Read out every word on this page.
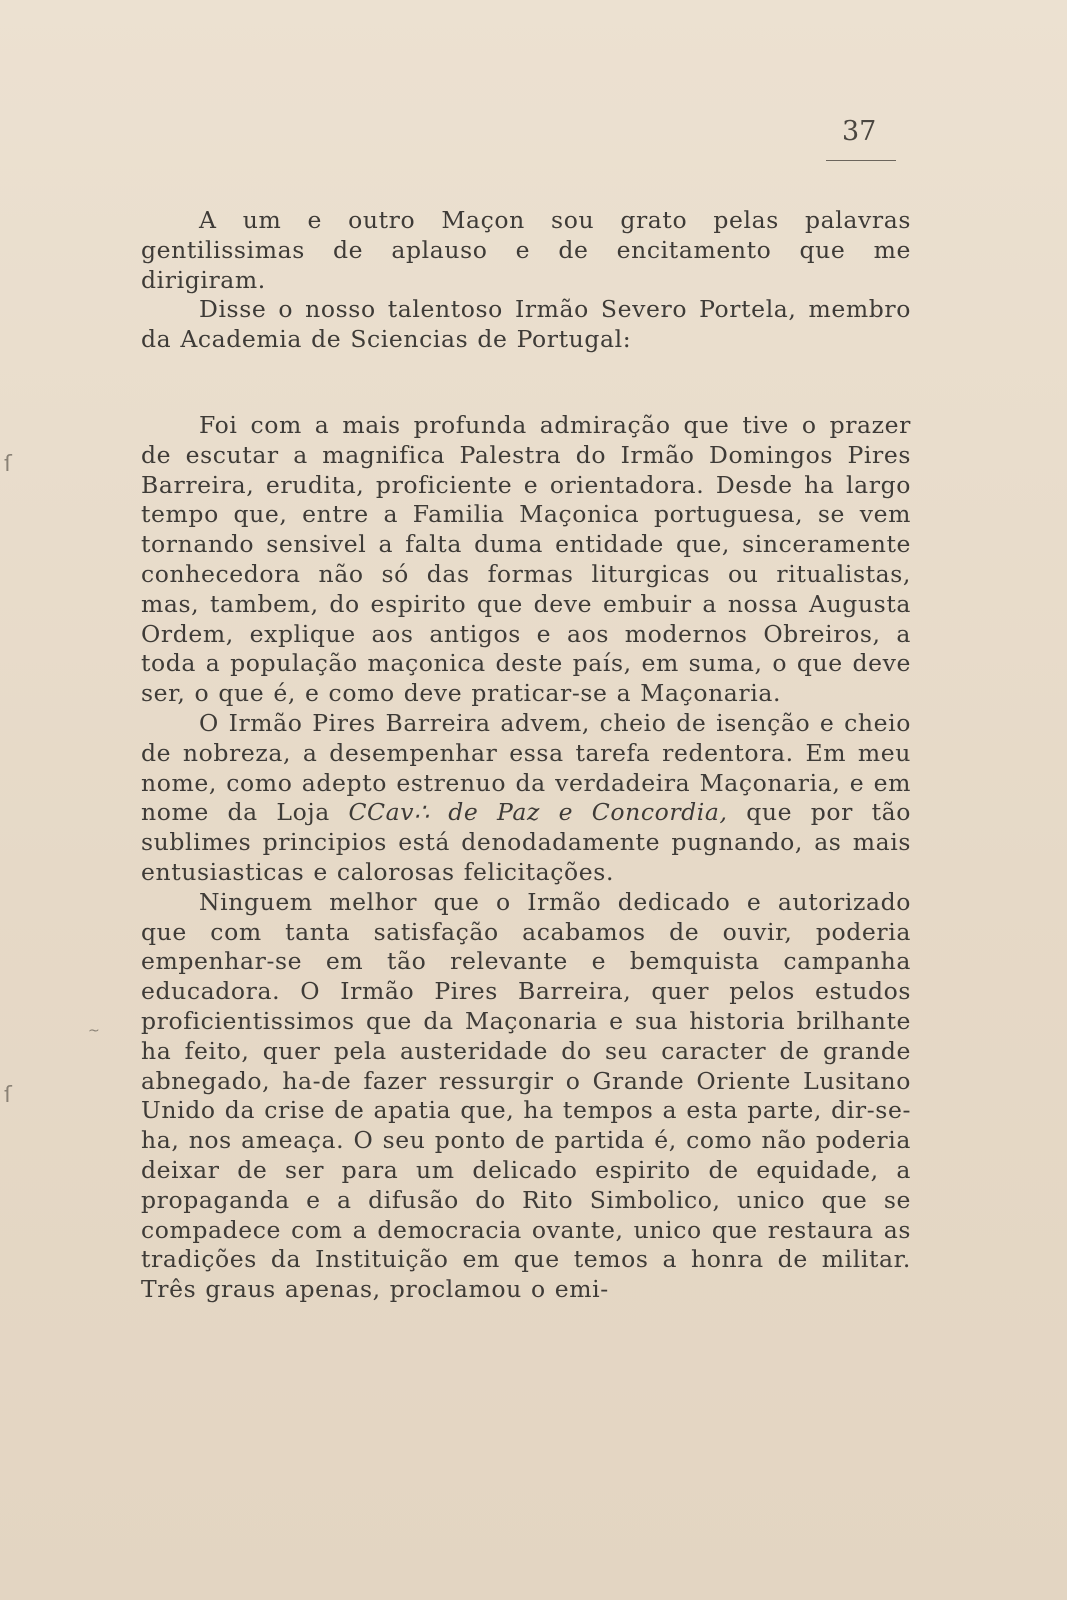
37
ſ
ſ
~

A um e outro Maçon sou grato pelas palavras gentilissimas de aplauso e de encitamento que me dirigiram.

Disse o nosso talentoso Irmão Severo Portela, membro da Academia de Sciencias de Portugal:

Foi com a mais profunda admiração que tive o prazer de escutar a magnifica Palestra do Irmão Domingos Pires Barreira, erudita, proficiente e orientadora. Desde ha largo tempo que, entre a Familia Maçonica portuguesa, se vem tornando sensivel a falta duma entidade que, sinceramente conhecedora não só das formas liturgicas ou ritualistas, mas, tambem, do espirito que deve embuir a nossa Augusta Ordem, explique aos antigos e aos modernos Obreiros, a toda a população maçonica deste país, em suma, o que deve ser, o que é, e como deve praticar-se a Maçonaria.

O Irmão Pires Barreira advem, cheio de isenção e cheio de nobreza, a desempenhar essa tarefa redentora. Em meu nome, como adepto estrenuo da verdadeira Maçonaria, e em nome da Loja CCav∴ de Paz e Concordia, que por tão sublimes principios está denodadamente pugnando, as mais entusiasticas e calorosas felicitações.

Ninguem melhor que o Irmão dedicado e autorizado que com tanta satisfação acabamos de ouvir, poderia empenhar-se em tão relevante e bemquista campanha educadora. O Irmão Pires Barreira, quer pelos estudos proficientissimos que da Maçonaria e sua historia brilhante ha feito, quer pela austeridade do seu caracter de grande abnegado, ha-de fazer ressurgir o Grande Oriente Lusitano Unido da crise de apatia que, ha tempos a esta parte, dir-se-ha, nos ameaça. O seu ponto de partida é, como não poderia deixar de ser para um delicado espirito de equidade, a propaganda e a difusão do Rito Simbolico, unico que se compadece com a democracia ovante, unico que restaura as tradições da Instituição em que temos a honra de militar. Três graus apenas, proclamou o emi-
